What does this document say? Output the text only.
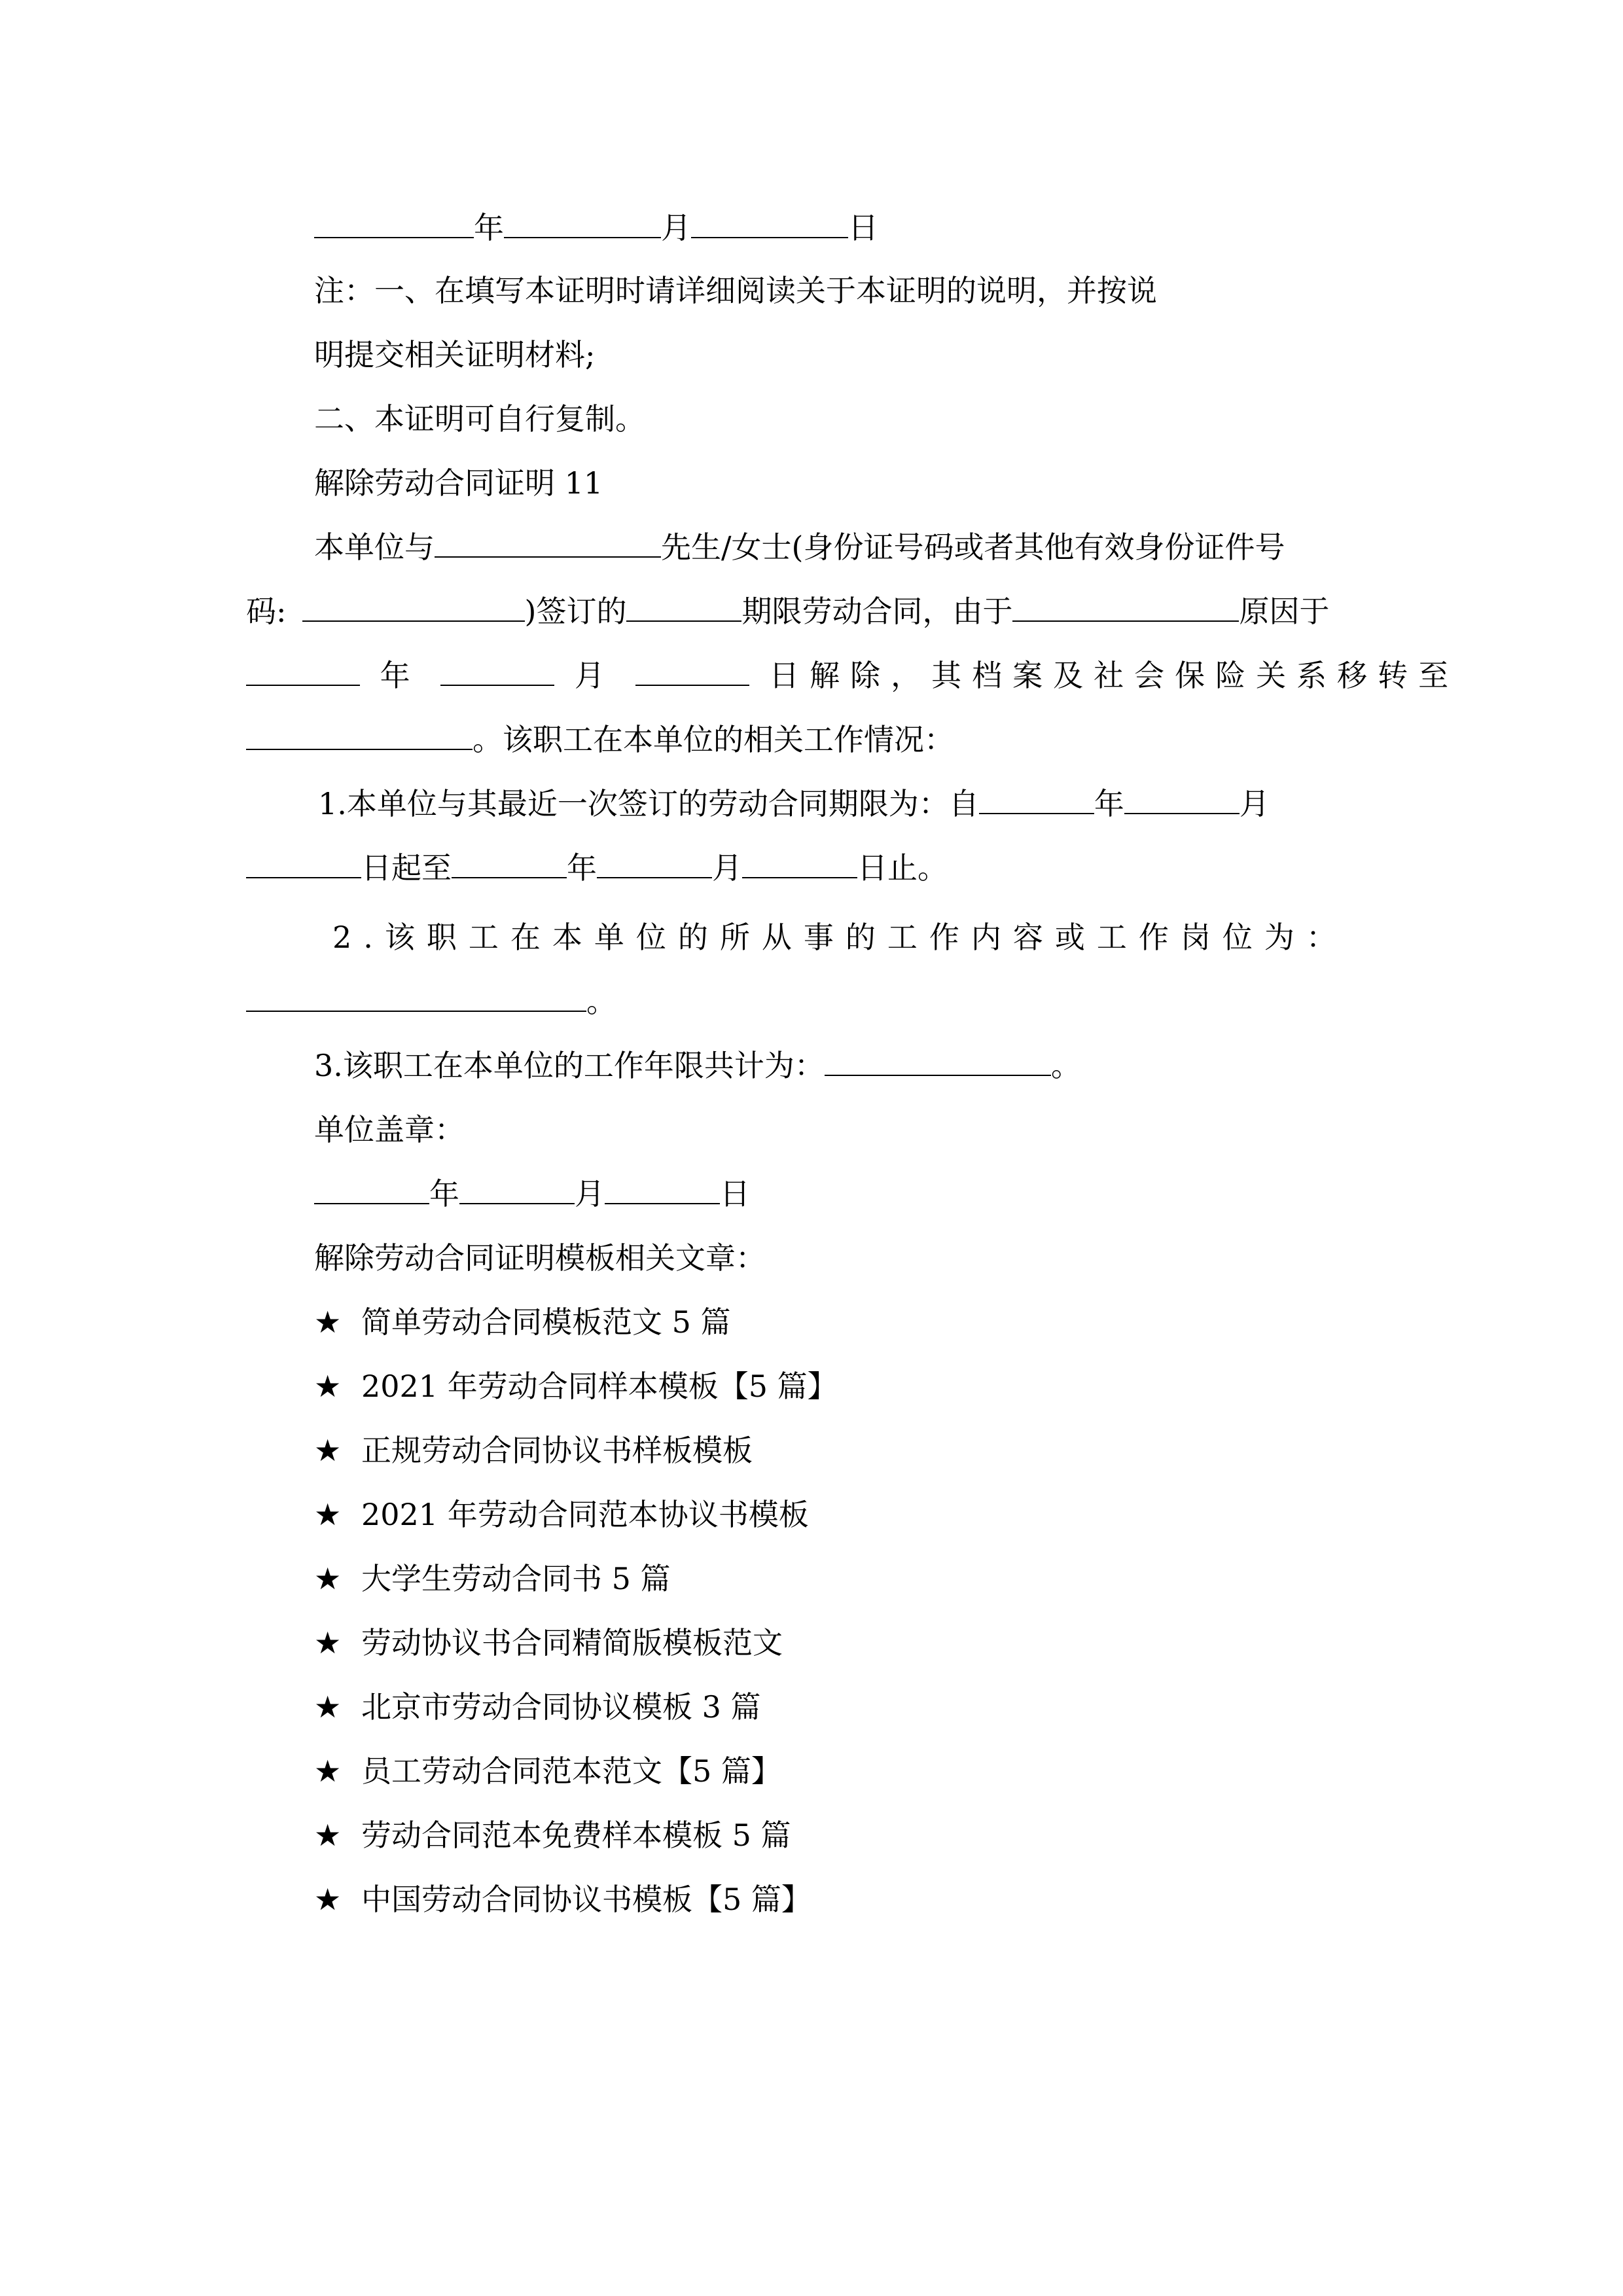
年	月	日
注：一、在填写本证明时请详细阅读关于本证明的说明，并按说
明提交相关证明材料;
二、本证明可自行复制。
解除劳动合同证明 11
本单位与	先生/女士(身份证号码或者其他有效身份证件号
码:	)签订的	期限劳动合同，由于	原因于
年	月	日解除，其档案及社会保险关系移转至
。该职工在本单位的相关工作情况：
1.本单位与其最近一次签订的劳动合同期限为：自	年	月
日起至	年	月	日止。
2.该职工在本单位的所从事的工作内容或工作岗位为：
。
3.该职工在本单位的工作年限共计为：	。
单位盖章：
年	月	日
解除劳动合同证明模板相关文章：
★ 简单劳动合同模板范文 5 篇
★ 2021 年劳动合同样本模板【5 篇】
★ 正规劳动合同协议书样板模板
★ 2021 年劳动合同范本协议书模板
★ 大学生劳动合同书 5 篇
★ 劳动协议书合同精简版模板范文
★ 北京市劳动合同协议模板 3 篇
★ 员工劳动合同范本范文【5 篇】
★ 劳动合同范本免费样本模板 5 篇
★ 中国劳动合同协议书模板【5 篇】
